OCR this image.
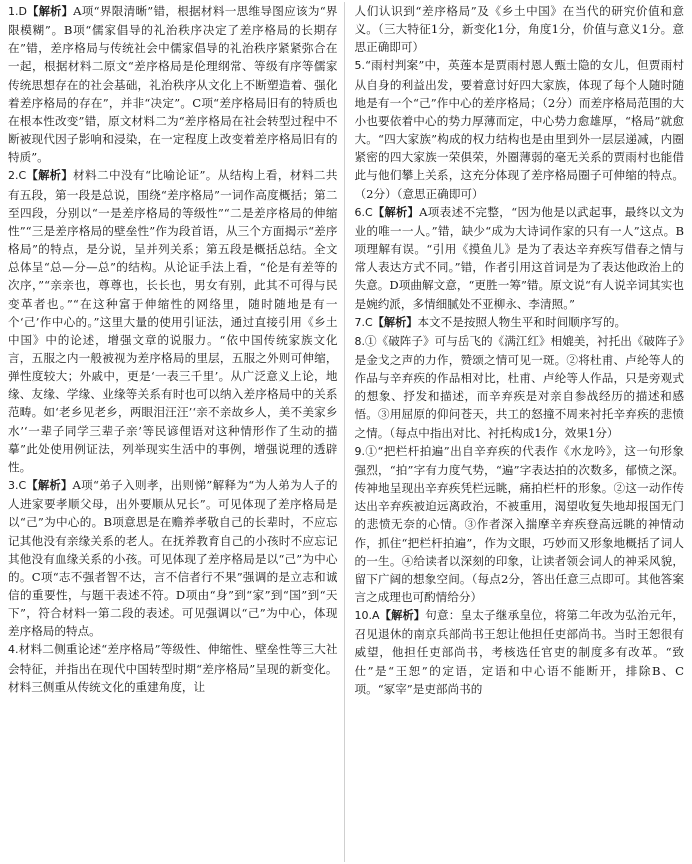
1.D【解析】A项“界限清晰”错，根据材料一思维导图应该为“界限模糊”。B项“儒家倡导的礼治秩序决定了差序格局的长期存在”错，差序格局与传统社会中儒家倡导的礼治秩序紧紧弥合在一起，根据材料二原文“差序格局是伦理纲常、等级有序等儒家传统思想存在的社会基础，礼治秩序从文化上不断塑造着、强化着差序格局的存在”，并非“决定”。C项“差序格局旧有的特质也在根本性改变”错，原文材料二为“差序格局在社会转型过程中不断被现代因子影响和浸染，在一定程度上改变着差序格局旧有的特质”。

2.C【解析】材料二中没有“比喻论证”。从结构上看，材料二共有五段，第一段是总说，围绕“差序格局”一词作高度概括；第二至四段，分别以“一是差序格局的等级性”“二是差序格局的伸缩性”“三是差序格局的壁垒性”作为段首语，从三个方面揭示“差序格局”的特点，是分说，呈并列关系；第五段是概括总结。全文总体呈“总—分—总”的结构。从论证手法上看，“伦是有差等的次序，”“亲亲也，尊尊也，长长也，男女有别，此其不可得与民变革者也。”“在这种富于伸缩性的网络里，随时随地是有一个‘己’作中心的。”这里大量的使用引证法，通过直接引用《乡土中国》中的论述，增强文章的说服力。“依中国传统家族文化言，五服之内一般被视为差序格局的里层，五服之外则可伸缩，弹性度较大；外戚中，更是‘一表三千里’。从广泛意义上论，地缘、友缘、学缘、业缘等关系有时也可以纳入差序格局中的关系范畴。如‘老乡见老乡，两眼泪汪汪’‘亲不亲故乡人，美不美家乡水’‘一辈子同学三辈子亲’等民谚俚语对这种情形作了生动的描摹”此处使用例证法，列举现实生活中的事例，增强说理的透辟性。

3.C【解析】A项“弟子入则孝，出则悌”解释为“为人弟为人子的人进家要孝顺父母，出外要顺从兄长”。可见体现了差序格局是以“己”为中心的。B项意思是在赡养孝敬自己的长辈时，不应忘记其他没有亲缘关系的老人。在抚养教育自己的小孩时不应忘记其他没有血缘关系的小孩。可见体现了差序格局是以“己”为中心的。C项“志不强者智不达，言不信者行不果”强调的是立志和诚信的重要性，与题干表述不符。D项由“身”到“家”到“国”到“天下”，符合材料一第二段的表述。可见强调以“己”为中心，体现差序格局的特点。

4.材料二侧重论述“差序格局”等级性、伸缩性、壁垒性等三大社会特征，并指出在现代中国转型时期“差序格局”呈现的新变化。材料三侧重从传统文化的重建角度，让

人们认识到“差序格局”及《乡土中国》在当代的研究价值和意义。（三大特征1分，新变化1分，角度1分，价值与意义1分。意思正确即可）

5.“雨村判案”中，英莲本是贾雨村恩人甄士隐的女儿，但贾雨村从自身的利益出发，要着意讨好四大家族，体现了每个人随时随地是有一个“己”作中心的差序格局；（2分）而差序格局范围的大小也要依着中心的势力厚薄而定，中心势力愈雄厚，“格局”就愈大。“四大家族”构成的权力结构也是由里到外一层层递减，内圈紧密的四大家族一荣俱荣，外圈薄弱的毫无关系的贾雨村也能借此与他们攀上关系，这充分体现了差序格局圈子可伸缩的特点。（2分）（意思正确即可）

6.C【解析】A项表述不完整，“因为他是以武起事，最终以文为业的唯一一人。”错，缺少“成为大诗词作家的只有一人”这点。B项理解有误。“引用《摸鱼儿》是为了表达辛弃疾写借春之情与常人表达方式不同。”错，作者引用这首词是为了表达他政治上的失意。D项曲解文意，“更胜一筹”错。原文说“有人说辛词其实也是婉约派，多情细腻处不亚柳永、李清照。”

7.C【解析】本文不是按照人物生平和时间顺序写的。

8.①《破阵子》可与岳飞的《满江红》相媲美，衬托出《破阵子》是金戈之声的力作，赞颂之情可见一斑。②将杜甫、卢纶等人的作品与辛弃疾的作品相对比，杜甫、卢纶等人作品，只是旁观式的想象、抒发和描述，而辛弃疾是对亲自参战经历的描述和感悟。③用屈原的仰问苍天，共工的怒撞不周来衬托辛弃疾的悲愤之情。（每点中指出对比、衬托构成1分，效果1分）

9.①“把栏杆拍遍”出自辛弃疾的代表作《水龙吟》，这一句形象强烈，“拍”字有力度气势，“遍”字表达拍的次数多，郁愤之深。传神地呈现出辛弃疾凭栏远眺，痛拍栏杆的形象。②这一动作传达出辛弃疾被迫远离政治，不被重用，渴望收复失地却报国无门的悲愤无奈的心情。③作者深入揣摩辛弃疾登高远眺的神情动作，抓住“把栏杆拍遍”，作为文眼，巧妙而又形象地概括了词人的一生。④给读者以深刻的印象，让读者领会词人的神采风貌，留下广阔的想象空间。（每点2分，答出任意三点即可。其他答案言之成理也可酌情给分）

10.A【解析】句意：皇太子继承皇位，将第二年改为弘治元年，召见退休的南京兵部尚书王恕让他担任吏部尚书。当时王恕很有威望，他担任吏部尚书，考核选任官吏的制度多有改革。“致仕”是“王恕”的定语，定语和中心语不能断开，排除B、C项。“冢宰”是吏部尚书的
